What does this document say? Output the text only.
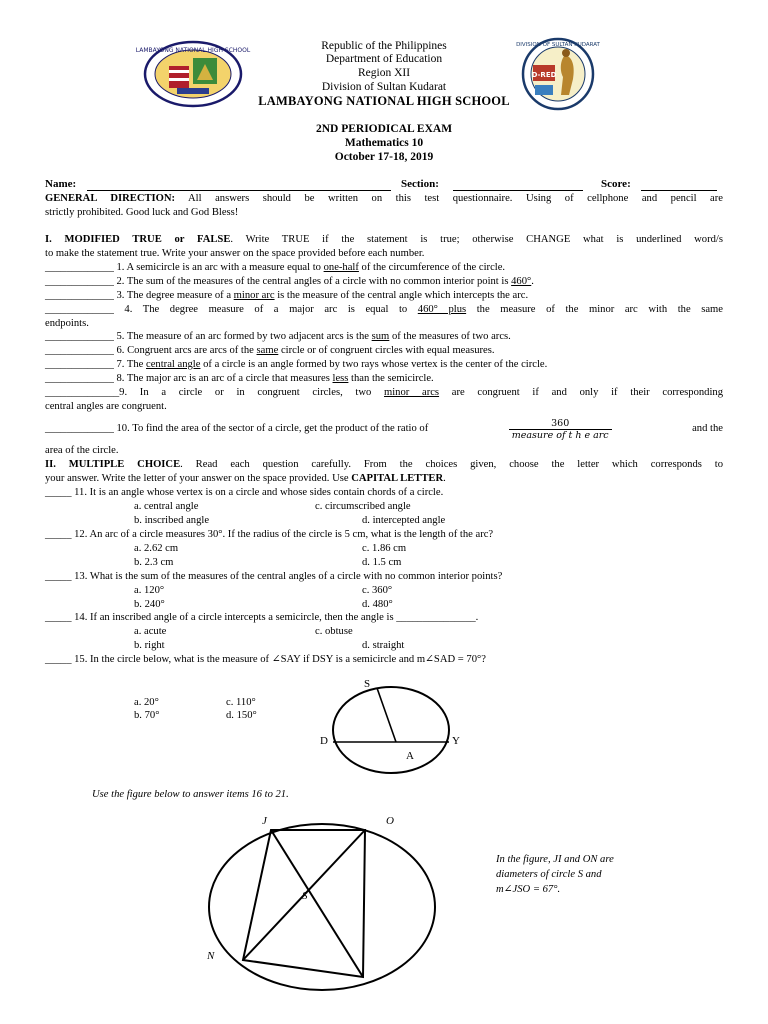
LAMBAYONG NATIONAL HIGH SCHOOL
D-RED
DIVISION OF SULTAN KUDARAT
Republic of the Philippines
Department of Education
Region XII
Division of Sultan Kudarat
LAMBAYONG NATIONAL HIGH SCHOOL
2ND PERIODICAL EXAM
Mathematics 10
October 17-18, 2019
Name:	Section:	Score:
GENERAL DIRECTION: All answers should be written on this test questionnaire. Using of cellphone and pencil are
strictly prohibited. Good luck and God Bless!
I. MODIFIED TRUE or FALSE. Write TRUE if the statement is true; otherwise CHANGE what is underlined word/s
to make the statement true. Write your answer on the space provided before each number.
_____________ 1. A semicircle is an arc with a measure equal to one-half of the circumference of the circle.
_____________ 2. The sum of the measures of the central angles of a circle with no common interior point is 460°.
_____________ 3. The degree measure of a minor arc is the measure of the central angle which intercepts the arc.
_____________ 4. The degree measure of a major arc is equal to 460° plus the measure of the minor arc with the same
endpoints.
_____________ 5. The measure of an arc formed by two adjacent arcs is the sum of the measures of two arcs.
_____________ 6. Congruent arcs are arcs of the same circle or of congruent circles with equal measures.
_____________ 7. The central angle of a circle is an angle formed by two rays whose vertex is the center of the circle.
_____________ 8. The major arc is an arc of a circle that measures less than the semicircle.
______________9. In a circle or in congruent circles, two minor arcs are congruent if and only if their corresponding
central angles are congruent.
_____________ 10. To find the area of the sector of a circle, get the product of the ratio of	$\frac{360}{\text{measure of t h e arc}}$	and the
area of the circle.
II. MULTIPLE CHOICE. Read each question carefully. From the choices given, choose the letter which corresponds to
your answer. Write the letter of your answer on the space provided. Use CAPITAL LETTER.
_____ 11. It is an angle whose vertex is on a circle and whose sides contain chords of a circle.
a. central angle	c. circumscribed angle
b. inscribed angle	d. intercepted angle
_____ 12. An arc of a circle measures 30°. If the radius of the circle is 5 cm, what is the length of the arc?
a. 2.62 cm	c. 1.86 cm
b. 2.3 cm	d. 1.5 cm
_____ 13. What is the sum of the measures of the central angles of a circle with no common interior points?
a. 120°	c. 360°
b. 240°	d. 480°
_____ 14. If an inscribed angle of a circle intercepts a semicircle, then the angle is _______________.
a. acute	c. obtuse
b. right	d. straight
_____ 15. In the circle below, what is the measure of ∠SAY if DSY is a semicircle and m∠SAD = 70°?
a. 20°	c. 110°
b. 70°	d. 150°
S
D	Y
A
Use the figure below to answer items 16 to 21.
J	O
S
N
In the figure, JI and ON are
diameters of circle S and
m∠JSO = 67°.
